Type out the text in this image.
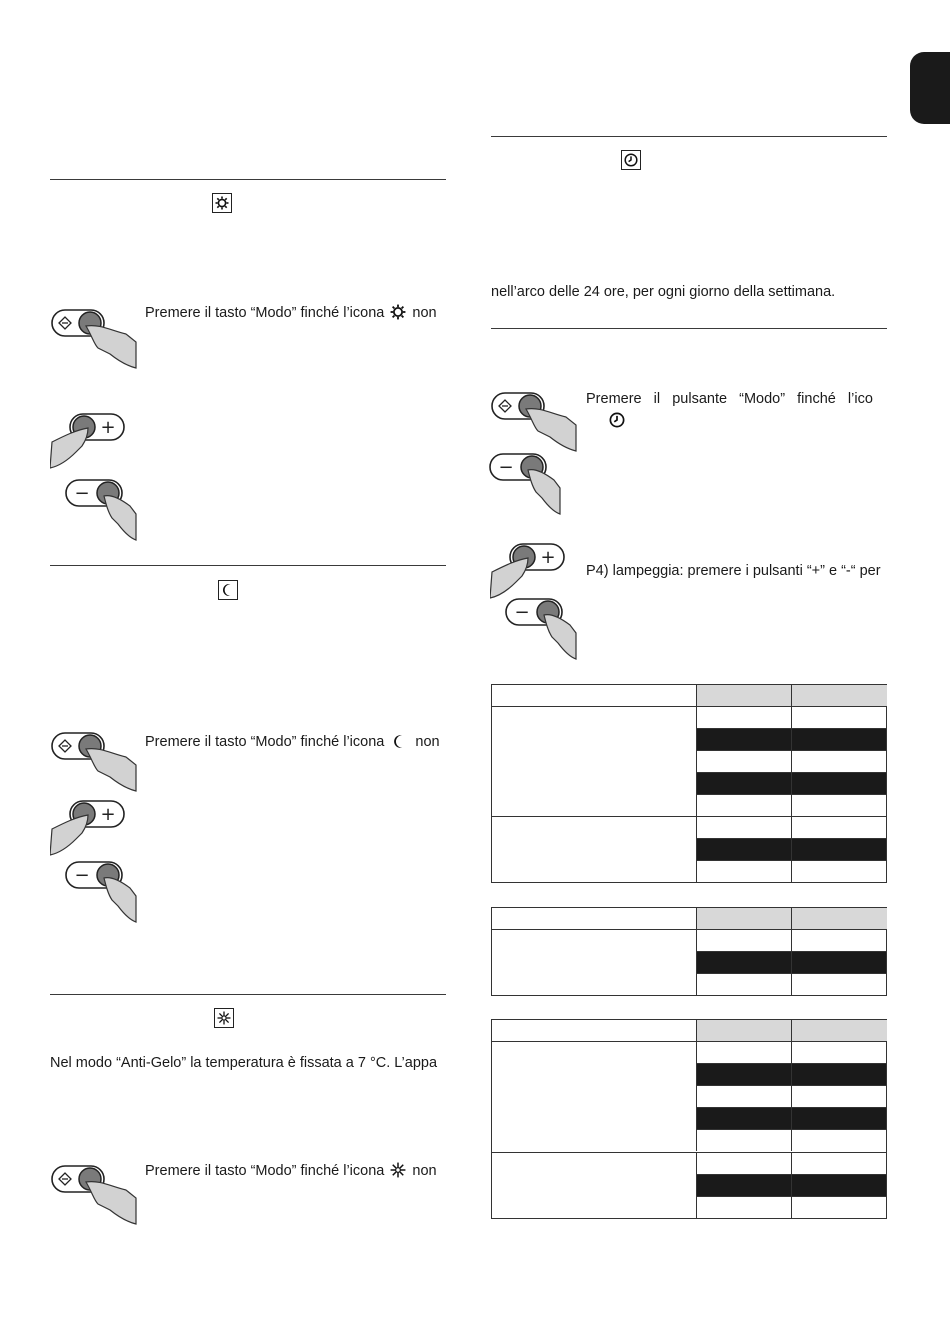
Premere il tasto “Modo” finché l’icona non
+
−
Premere il tasto “Modo” finché l’icona non
+
−
Nel modo “Anti-Gelo” la temperatura è fissata a 7 °C. L’appa
Premere il tasto “Modo” finché l’icona non
nell’arco delle 24 ore, per ogni giorno della settimana.
Premere   il   pulsante   “Modo”   finché   l’ico
−
+
P4) lampeggia: premere i pulsanti “+” e “-“ per
−
